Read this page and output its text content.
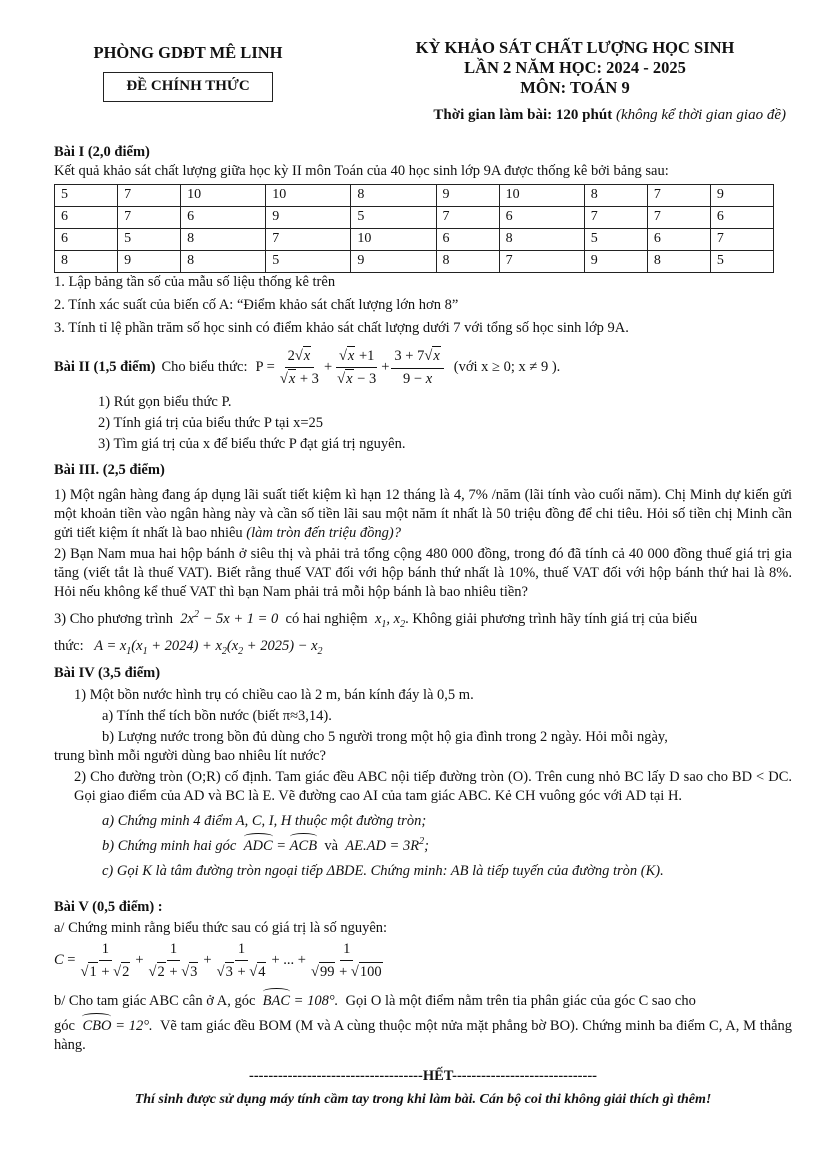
PHÒNG GDĐT MÊ LINH
ĐỀ CHÍNH THỨC
KỲ KHẢO SÁT CHẤT LƯỢNG HỌC SINH
LẦN 2 NĂM HỌC: 2024 - 2025
MÔN: TOÁN 9
Thời gian làm bài: 120 phút (không kể thời gian giao đề)
Bài I (2,0 điểm)

Kết quả khảo sát chất lượng giữa học kỳ II môn Toán của 40 học sinh lớp 9A được thống kê bởi bảng sau:

5	7	10	10	8	9	10	8	7	9
6	7	6	9	5	7	6	7	7	6
6	5	8	7	10	6	8	5	6	7
8	9	8	5	9	8	7	9	8	5

1. Lập bảng tần số của mẫu số liệu thống kê trên

2. Tính xác suất của biến cố A: “Điểm khảo sát chất lượng lớn hơn 8”

3. Tính tỉ lệ phần trăm số học sinh có điểm khảo sát chất lượng dưới 7 với tổng số học sinh lớp 9A.

Bài II (1,5 điểm) Cho biểu thức: P = 2 √ x
√ x + 3 + √ x +1
√ $x - 3 + \frac{3 + 7 √ x}{9 - x}$ (với x ≥ 0; x ≠ 9 ).

1) Rút gọn biểu thức P.

2) Tính giá trị của biểu thức P tại x=25

3) Tìm giá trị của x để biểu thức P đạt giá trị nguyên.

Bài III. (2,5 điểm)

1) Một ngân hàng đang áp dụng lãi suất tiết kiệm kì hạn 12 tháng là 4, 7% /năm (lãi tính vào cuối năm). Chị Minh dự kiến gửi một khoản tiền vào ngân hàng này và cần số tiền lãi sau một năm ít nhất là 50 triệu đồng để chi tiêu. Hỏi số tiền chị Minh cần gửi tiết kiệm ít nhất là bao nhiêu (làm tròn đến triệu đồng)?

2) Bạn Nam mua hai hộp bánh ở siêu thị và phải trả tổng cộng 480 000 đồng, trong đó đã tính cả 40 000 đồng thuế giá trị gia tăng (viết tắt là thuế VAT). Biết rằng thuế VAT đối với hộp bánh thứ nhất là 10%, thuế VAT đối với hộp bánh thứ hai là 8%. Hỏi nếu không kể thuế VAT thì bạn Nam phải trả mỗi hộp bánh là bao nhiêu tiền?

3) Cho phương trình  $2x^2 - 5x + 1 = 0$  có hai nghiệm  $x_1$, $x_2$. Không giải phương trình hãy tính giá trị của biểu

thức:   $A = x_1(x_1 + 2024) + x_2(x_2 + 2025) - x_2$

Bài IV (3,5 điểm)

1) Một bồn nước hình trụ có chiều cao là 2 m, bán kính đáy là 0,5 m.

a) Tính thể tích bồn nước (biết π≈3,14).

b) Lượng nước trong bồn đủ dùng cho 5 người trong một hộ gia đình trong 2 ngày. Hỏi mỗi ngày,

trung bình mỗi người dùng bao nhiêu lít nước?

2) Cho đường tròn (O;R) cố định. Tam giác đều ABC nội tiếp đường tròn (O). Trên cung nhỏ BC lấy D sao cho BD < DC. Gọi giao điểm của AD và BC là E. Vẽ đường cao AI của tam giác ABC. Kẻ CH vuông góc với AD tại H.

a) Chứng minh 4 điểm A, C, I, H thuộc một đường tròn;

b) Chứng minh hai góc ADC = ACB và  $AE.AD = 3R^2$;

c) Gọi K là tâm đường tròn ngoại tiếp ΔBDE. Chứng minh: AB là tiếp tuyến của đường tròn (K).

Bài V (0,5 điểm) :

a/ Chứng minh rằng biểu thức sau có giá trị là số nguyên:

C = 1
√ 1 + √ 2 + 1
√ 2 + √ 3 + 1
√ 3 + √ 4 + ... + 1
√ 99 + √ 100

b/ Cho tam giác ABC cân ở A, góc BAC = 108°.  Gọi O là một điểm nằm trên tia phân giác của góc C sao cho

góc CBO = 12°.  Vẽ tam giác đều BOM (M và A cùng thuộc một nửa mặt phẳng bờ BO). Chứng minh ba điểm C, A, M thẳng hàng.

------------------------------------HẾT------------------------------
Thí sinh được sử dụng máy tính cầm tay trong khi làm bài. Cán bộ coi thi không giải thích gì thêm!
